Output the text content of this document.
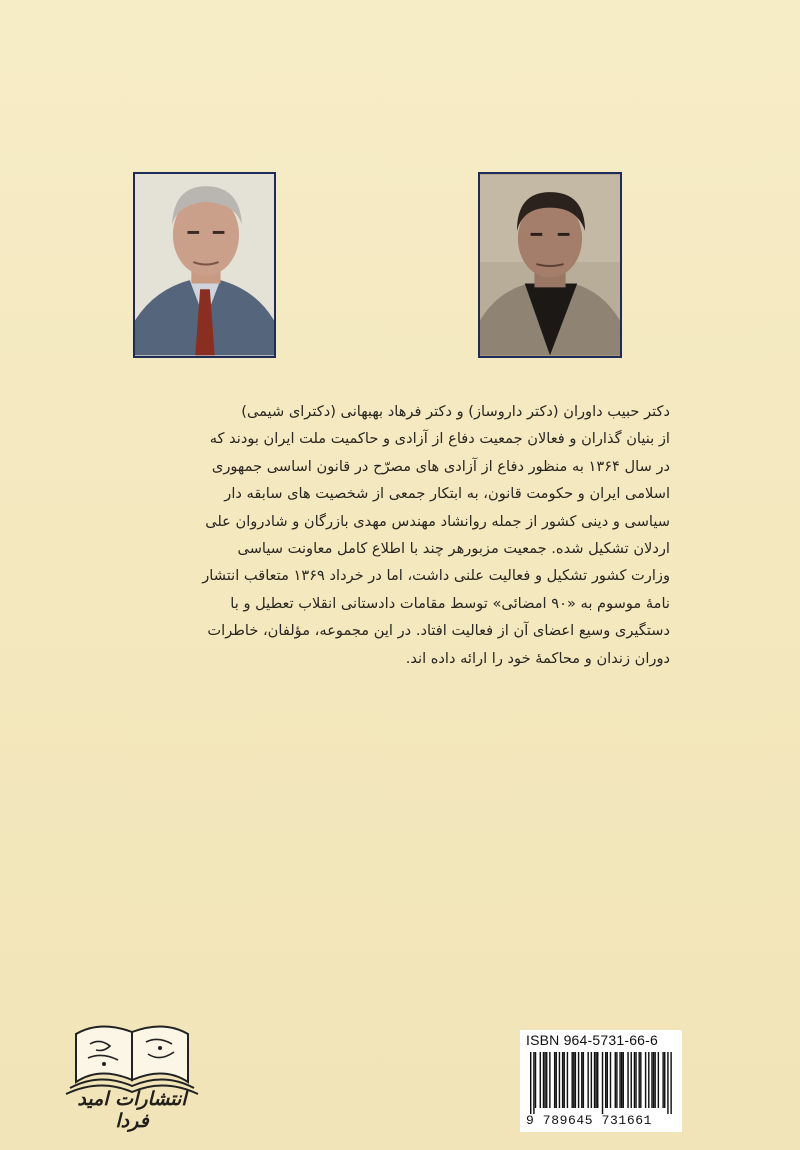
دکتر حبیب داوران (دکتر داروساز) و دکتر فرهاد بهبهانی (دکترای شیمی)
از بنیان گذاران و فعالان جمعیت دفاع از آزادی و حاکمیت ملت ایران بودند که
در سال ۱۳۶۴ به منظور دفاع از آزادی های مصرّح در قانون اساسی جمهوری
اسلامی ایران و حکومت قانون، به ابتکار جمعی از شخصیت های سابقه دار
سیاسی و دینی کشور از جمله روانشاد مهندس مهدی بازرگان و شادروان علی
اردلان تشکیل شده. جمعیت مزبورهر چند با اطلاع کامل معاونت سیاسی
وزارت کشور تشکیل و فعالیت علنی داشت، اما در خرداد ۱۳۶۹ متعاقب انتشار
نامهٔ موسوم به «۹۰ امضائی» توسط مقامات دادستانی انقلاب تعطیل و با
دستگیری وسیع اعضای آن از فعالیت افتاد. در این مجموعه، مؤلفان، خاطرات
دوران زندان و محاکمهٔ خود را ارائه داده اند.
انتشارات امید فردا
ISBN 964-5731-66-6
9 789645 731661
